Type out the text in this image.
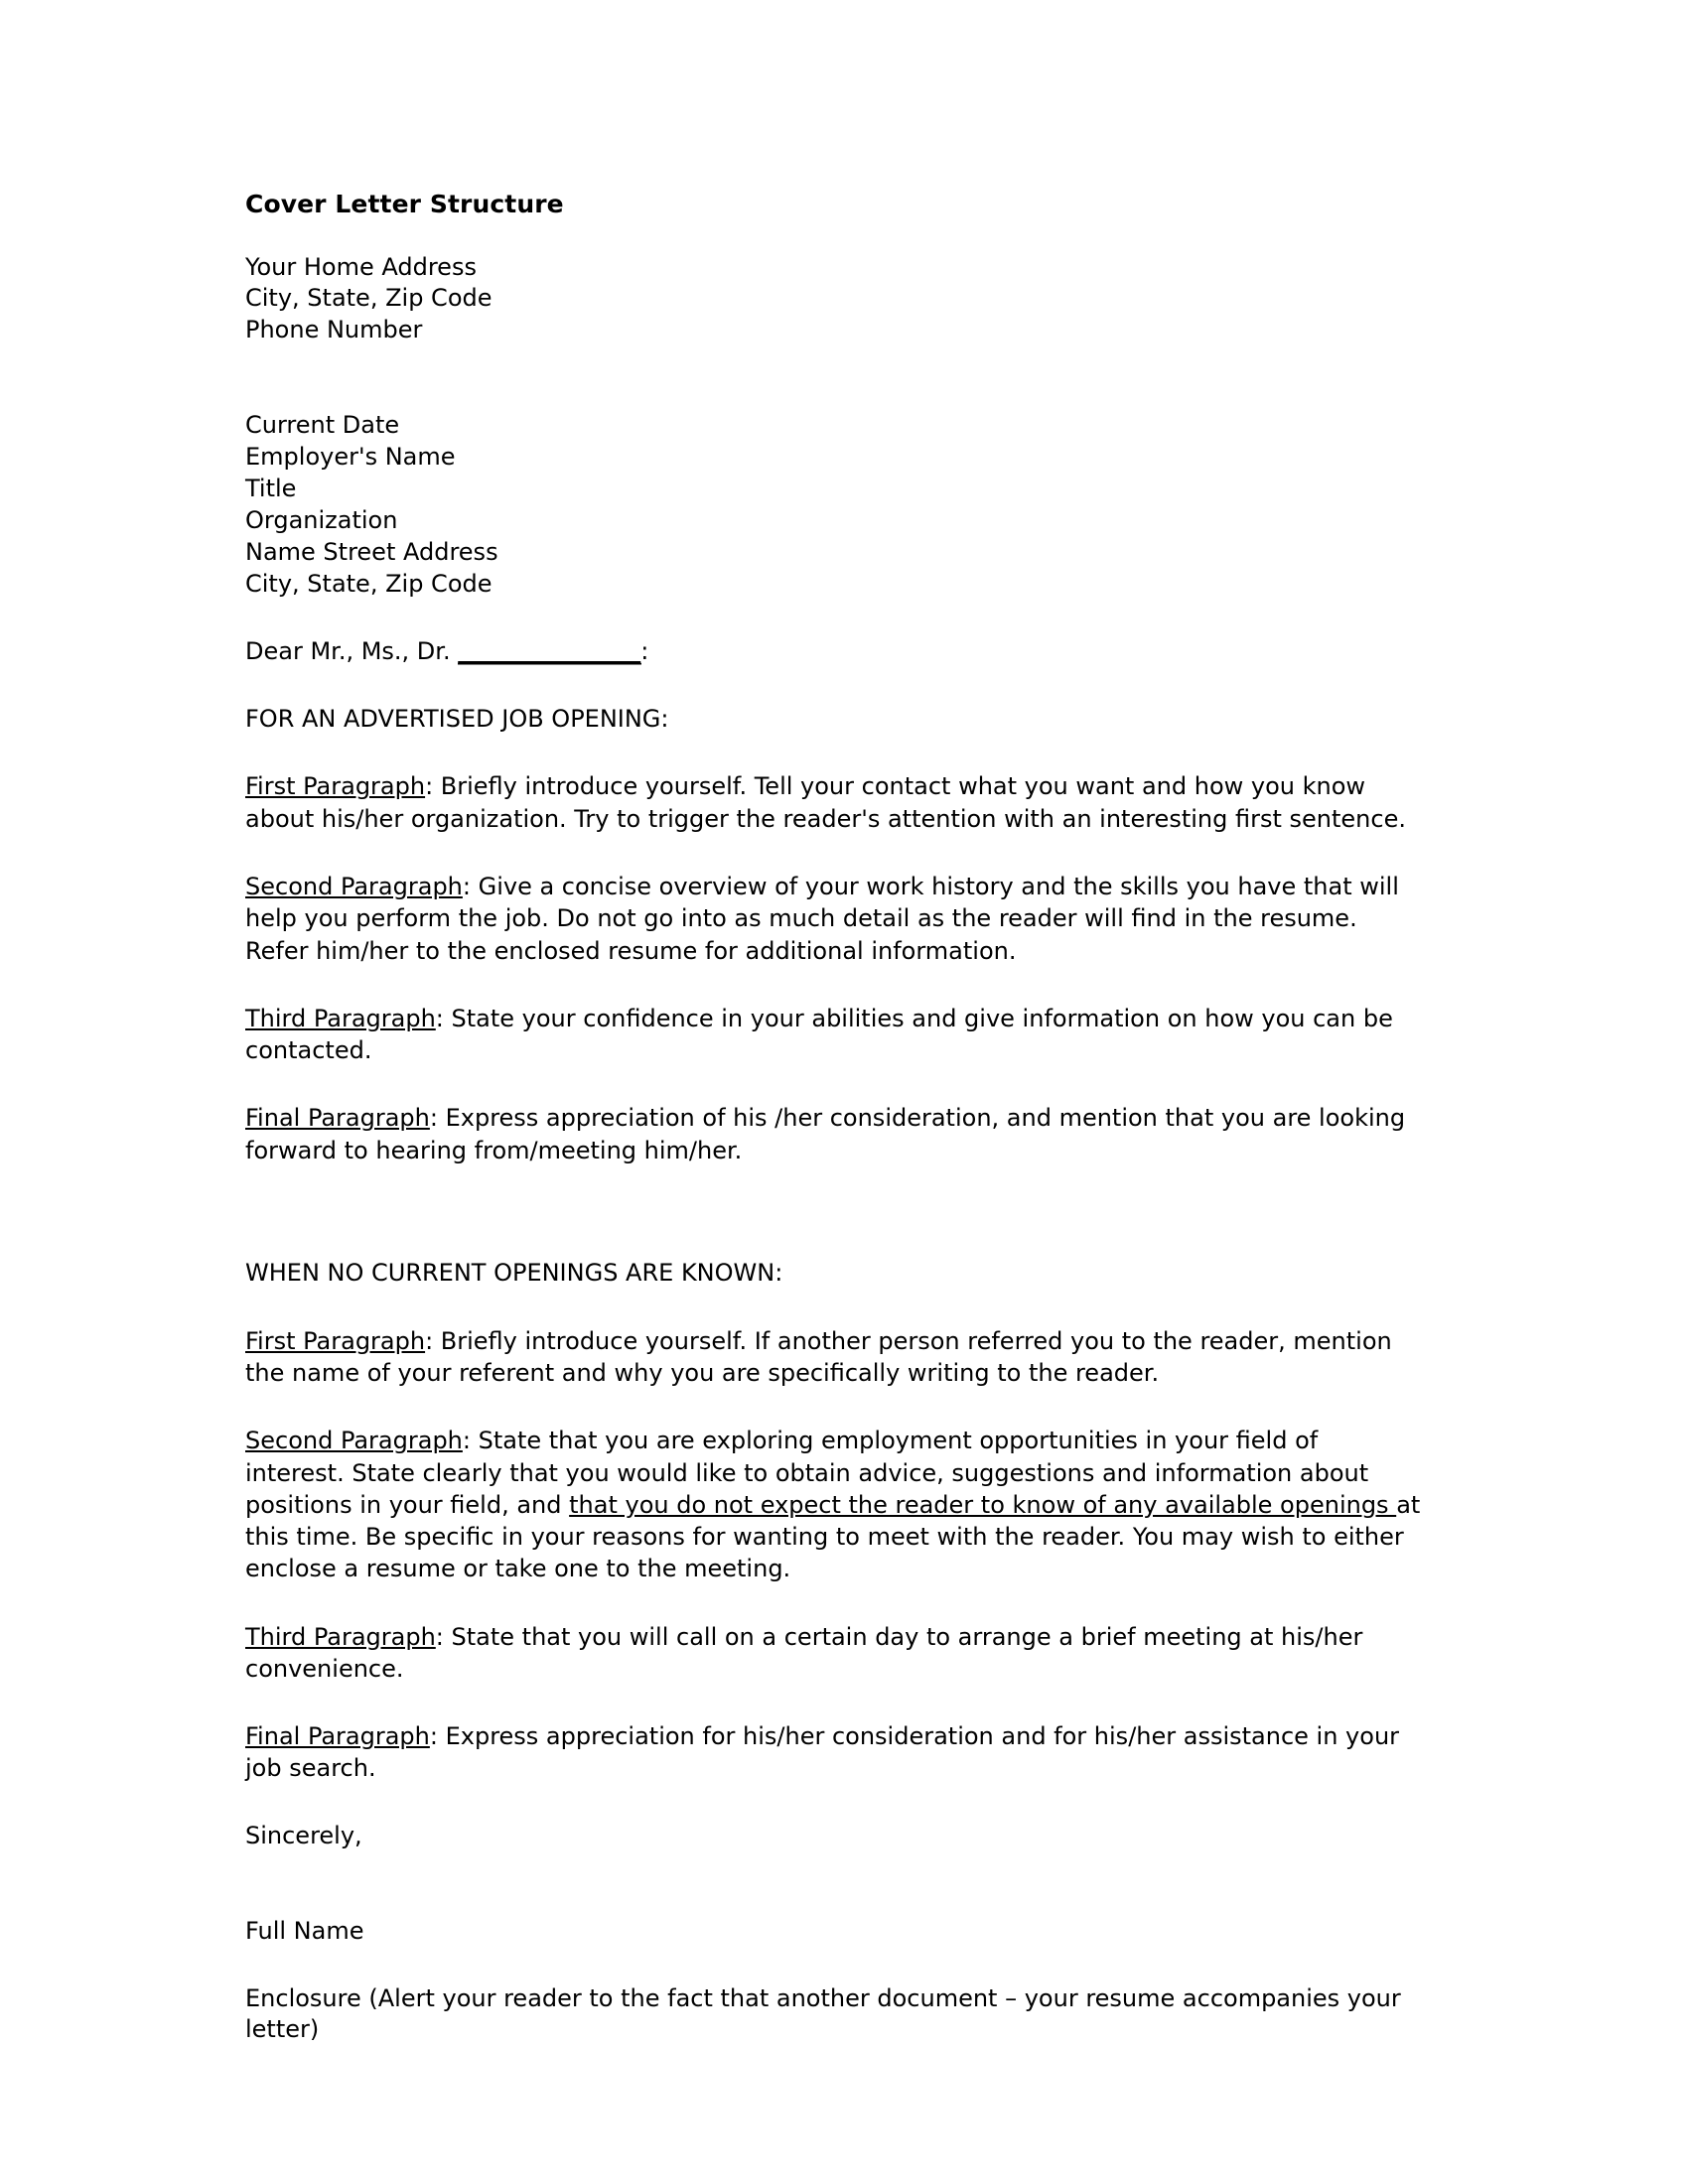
Cover Letter Structure
Your Home Address
City, State, Zip Code
Phone Number
Current Date
Employer's Name
Title
Organization
Name Street Address
City, State, Zip Code
Dear Mr., Ms., Dr. ________________:
FOR AN ADVERTISED JOB OPENING:
First Paragraph: Briefly introduce yourself. Tell your contact what you want and how you know about his/her organization. Try to trigger the reader's attention with an interesting first sentence.
Second Paragraph: Give a concise overview of your work history and the skills you have that will help you perform the job. Do not go into as much detail as the reader will find in the resume. Refer him/her to the enclosed resume for additional information.
Third Paragraph: State your confidence in your abilities and give information on how you can be contacted.
Final Paragraph: Express appreciation of his /her consideration, and mention that you are looking forward to hearing from/meeting him/her.
WHEN NO CURRENT OPENINGS ARE KNOWN:
First Paragraph: Briefly introduce yourself. If another person referred you to the reader, mention the name of your referent and why you are specifically writing to the reader.
Second Paragraph: State that you are exploring employment opportunities in your field of interest. State clearly that you would like to obtain advice, suggestions and information about positions in your field, and that you do not expect the reader to know of any available openings at this time. Be specific in your reasons for wanting to meet with the reader. You may wish to either enclose a resume or take one to the meeting.
Third Paragraph: State that you will call on a certain day to arrange a brief meeting at his/her convenience.
Final Paragraph: Express appreciation for his/her consideration and for his/her assistance in your job search.
Sincerely,
Full Name
Enclosure (Alert your reader to the fact that another document – your resume accompanies your letter)
